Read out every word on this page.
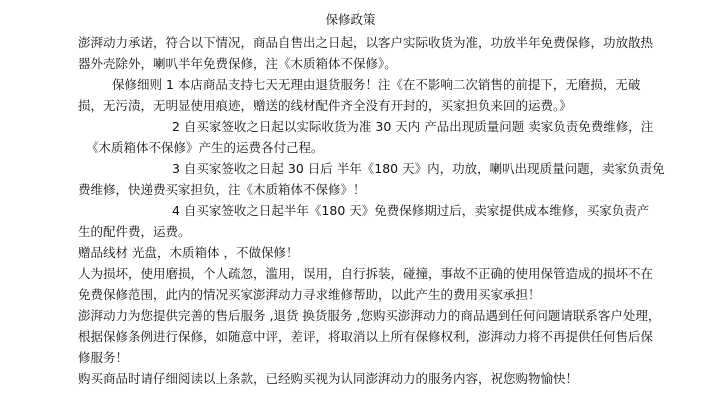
保修政策
澎湃动力承诺，符合以下情况，商品自售出之日起，以客户实际收货为准，功放半年免费保修，功放散热
器外壳除外，喇叭半年免费保修，注《木质箱体不保修》。
保修细则 1 本店商品支持七天无理由退货服务！注《在不影响二次销售的前提下，无磨损，无破
损，无污渍，无明显使用痕迹，赠送的线材配件齐全没有开封的，买家担负来回的运费。》
2 自买家签收之日起以实际收货为准 30 天内 产品出现质量问题 卖家负责免费维修，注
《木质箱体不保修》产生的运费各付己程。
3 自买家签收之日起 30 日后 半年《180 天》内，功放，喇叭出现质量问题，卖家负责免
费维修，快递费买家担负，注《木质箱体不保修》！
4 自买家签收之日起半年《180 天》免费保修期过后，卖家提供成本维修，买家负责产
生的配件费，运费。
赠品线材 光盘，木质箱体 ，不做保修！
人为损坏，使用磨损，个人疏忽，滥用，误用，自行拆装，碰撞，事故不正确的使用保管造成的损坏不在
免费保修范围，此内的情况买家澎湃动力寻求维修帮助，以此产生的费用买家承担！
澎湃动力为您提供完善的售后服务 ,退货 换货服务 ,您购买澎湃动力的商品遇到任何问题请联系客户处理，
根据保修条例进行保修，如随意中评，差评，将取消以上所有保修权利，澎湃动力将不再提供任何售后保
修服务！
购买商品时请仔细阅读以上条款，已经购买视为认同澎湃动力的服务内容，祝您购物愉快！
